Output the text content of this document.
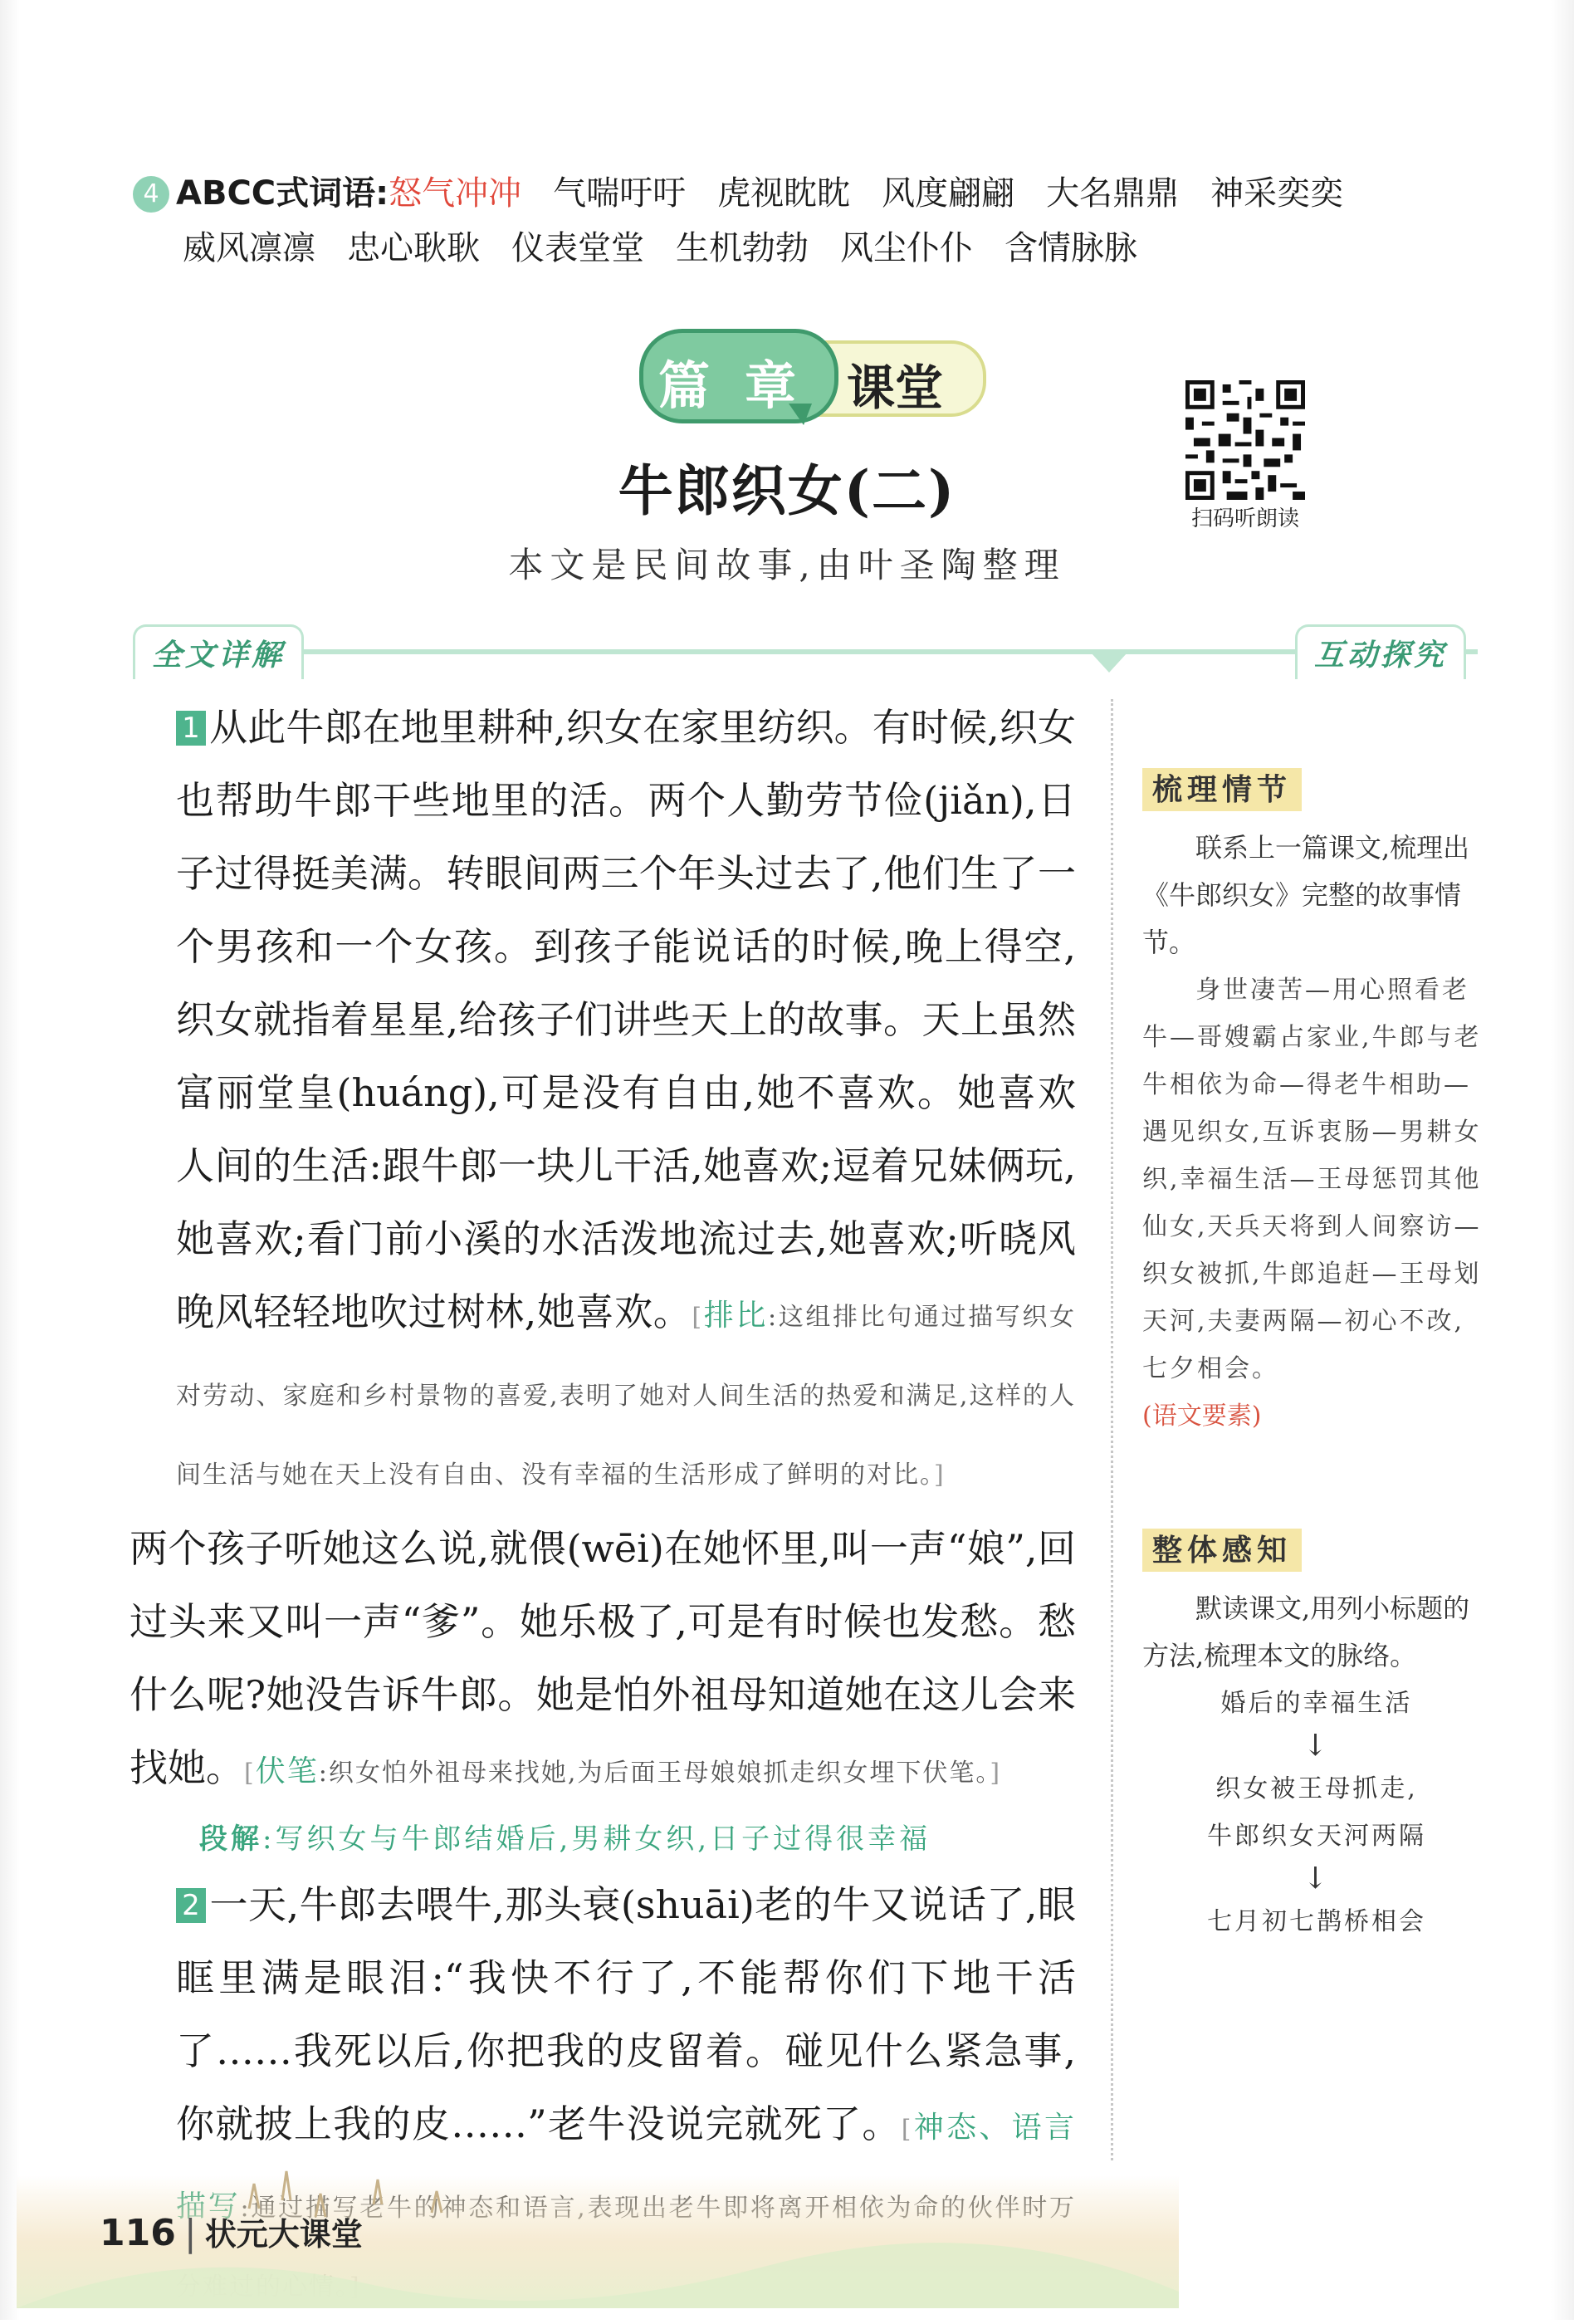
4 ABCC式词语:怒气冲冲 气喘吁吁 虎视眈眈 风度翩翩 大名鼎鼎 神采奕奕
威风凛凛 忠心耿耿 仪表堂堂 生机勃勃 风尘仆仆 含情脉脉
篇 章 课堂
扫码听朗读
牛郎织女(二)
本文是民间故事,由叶圣陶整理
全文详解	互动探究

1 从此牛郎在地里耕种,织女在家里纺织。有时候,织女也帮助牛郎干些地里的活。两个人勤劳节俭(jiǎn),日子过得挺美满。转眼间两三个年头过去了,他们生了一个男孩和一个女孩。到孩子能说话的时候,晚上得空,织女就指着星星,给孩子们讲些天上的故事。天上虽然富丽堂皇(huáng),可是没有自由,她不喜欢。她喜欢人间的生活:跟牛郎一块儿干活,她喜欢;逗着兄妹俩玩,她喜欢;看门前小溪的水活泼地流过去,她喜欢;听晓风晚风轻轻地吹过树林,她喜欢。[排比:这组排比句通过描写织女对劳动、家庭和乡村景物的喜爱,表明了她对人间生活的热爱和满足,这样的人间生活与她在天上没有自由、没有幸福的生活形成了鲜明的对比。]

两个孩子听她这么说,就偎(wēi)在她怀里,叫一声“娘”,回过头来又叫一声“爹”。她乐极了,可是有时候也发愁。愁什么呢?她没告诉牛郎。她是怕外祖母知道她在这儿会来找她。[伏笔:织女怕外祖母来找她,为后面王母娘娘抓走织女埋下伏笔。]

段解:写织女与牛郎结婚后,男耕女织,日子过得很幸福

2 一天,牛郎去喂牛,那头衰(shuāi)老的牛又说话了,眼眶里满是眼泪:“我快不行了,不能帮你们下地干活了……我死以后,你把我的皮留着。碰见什么紧急事,你就披上我的皮……”老牛没说完就死了。[神态、语言

梳理情节
联系上一篇课文,梳理出《牛郎织女》完整的故事情节。
身世凄苦—用心照看老牛—哥嫂霸占家业,牛郎与老牛相依为命—得老牛相助—遇见织女,互诉衷肠—男耕女织,幸福生活—王母惩罚其他仙女,天兵天将到人间察访—织女被抓,牛郎追赶—王母划天河,夫妻两隔—初心不改,七夕相会。
(语文要素)
整体感知
默读课文,用列小标题的方法,梳理本文的脉络。
婚后的幸福生活
↓
织女被王母抓走,
牛郎织女天河两隔
↓
七月初七鹊桥相会
116 | 状元大课堂
